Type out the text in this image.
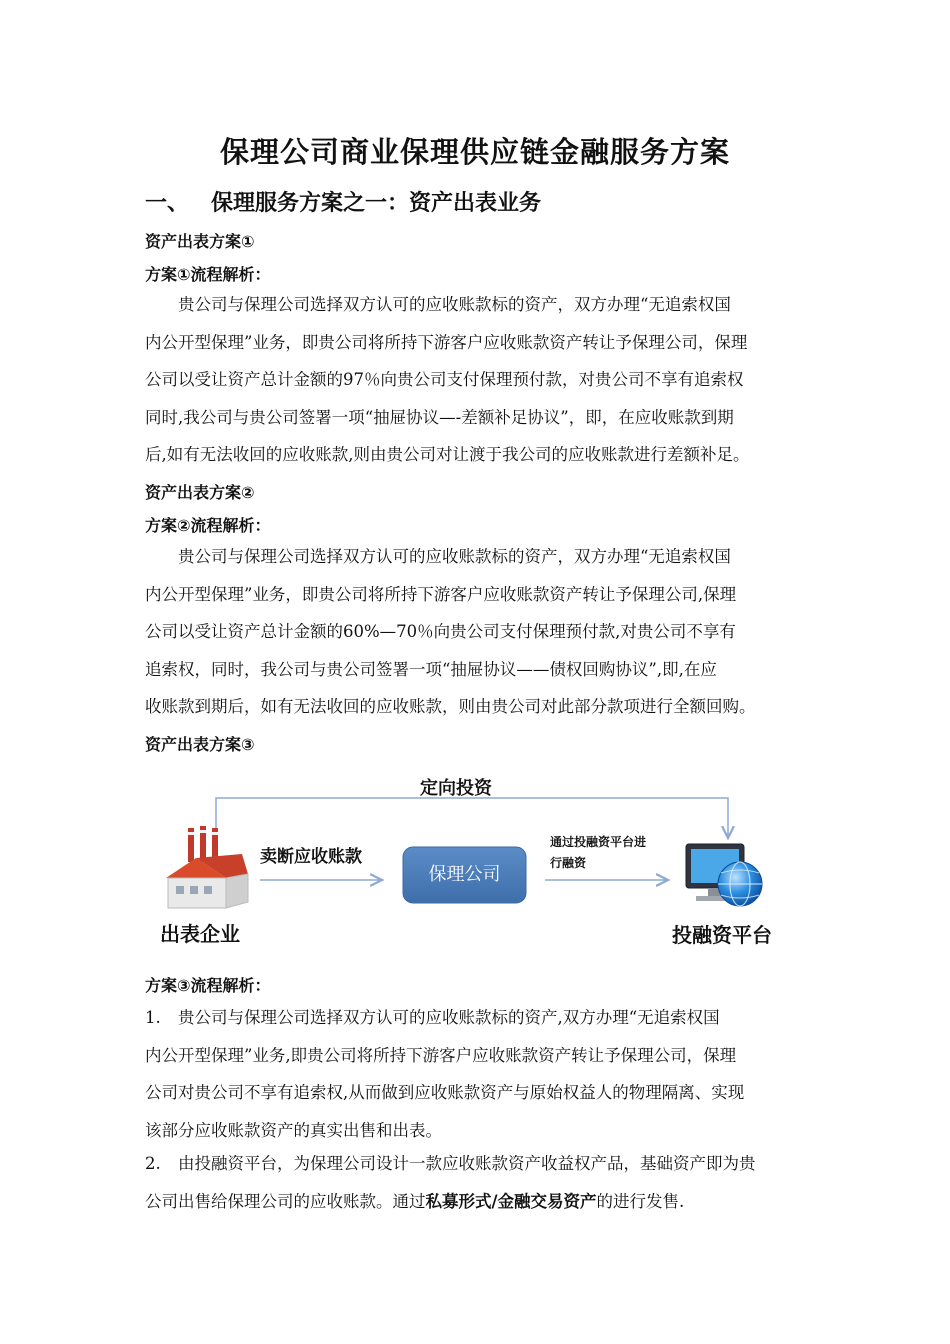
保理公司商业保理供应链金融服务方案
一、 保理服务方案之一：资产出表业务
资产出表方案①
方案①流程解析：
贵公司与保理公司选择双方认可的应收账款标的资产，双方办理“无追索权国
内公开型保理”业务，即贵公司将所持下游客户应收账款资产转让予保理公司，保理
公司以受让资产总计金额的97％向贵公司支付保理预付款，对贵公司不享有追索权
同时,我公司与贵公司签署一项“抽屉协议—-差额补足协议”，即，在应收账款到期
后,如有无法收回的应收账款,则由贵公司对让渡于我公司的应收账款进行差额补足。
资产出表方案②
方案②流程解析：
贵公司与保理公司选择双方认可的应收账款标的资产，双方办理“无追索权国
内公开型保理”业务，即贵公司将所持下游客户应收账款资产转让予保理公司,保理
公司以受让资产总计金额的60%—70％向贵公司支付保理预付款,对贵公司不享有
追索权，同时，我公司与贵公司签署一项“抽屉协议——债权回购协议”,即,在应
收账款到期后，如有无法收回的应收账款，则由贵公司对此部分款项进行全额回购。
资产出表方案③
定向投资
卖断应收账款
保理公司
通过投融资平台进
行融资
出表企业	投融资平台
方案③流程解析：
1. 贵公司与保理公司选择双方认可的应收账款标的资产,双方办理“无追索权国
内公开型保理”业务,即贵公司将所持下游客户应收账款资产转让予保理公司，保理
公司对贵公司不享有追索权,从而做到应收账款资产与原始权益人的物理隔离、实现
该部分应收账款资产的真实出售和出表。
2. 由投融资平台，为保理公司设计一款应收账款资产收益权产品，基础资产即为贵
公司出售给保理公司的应收账款。通过私募形式/金融交易资产的进行发售.
